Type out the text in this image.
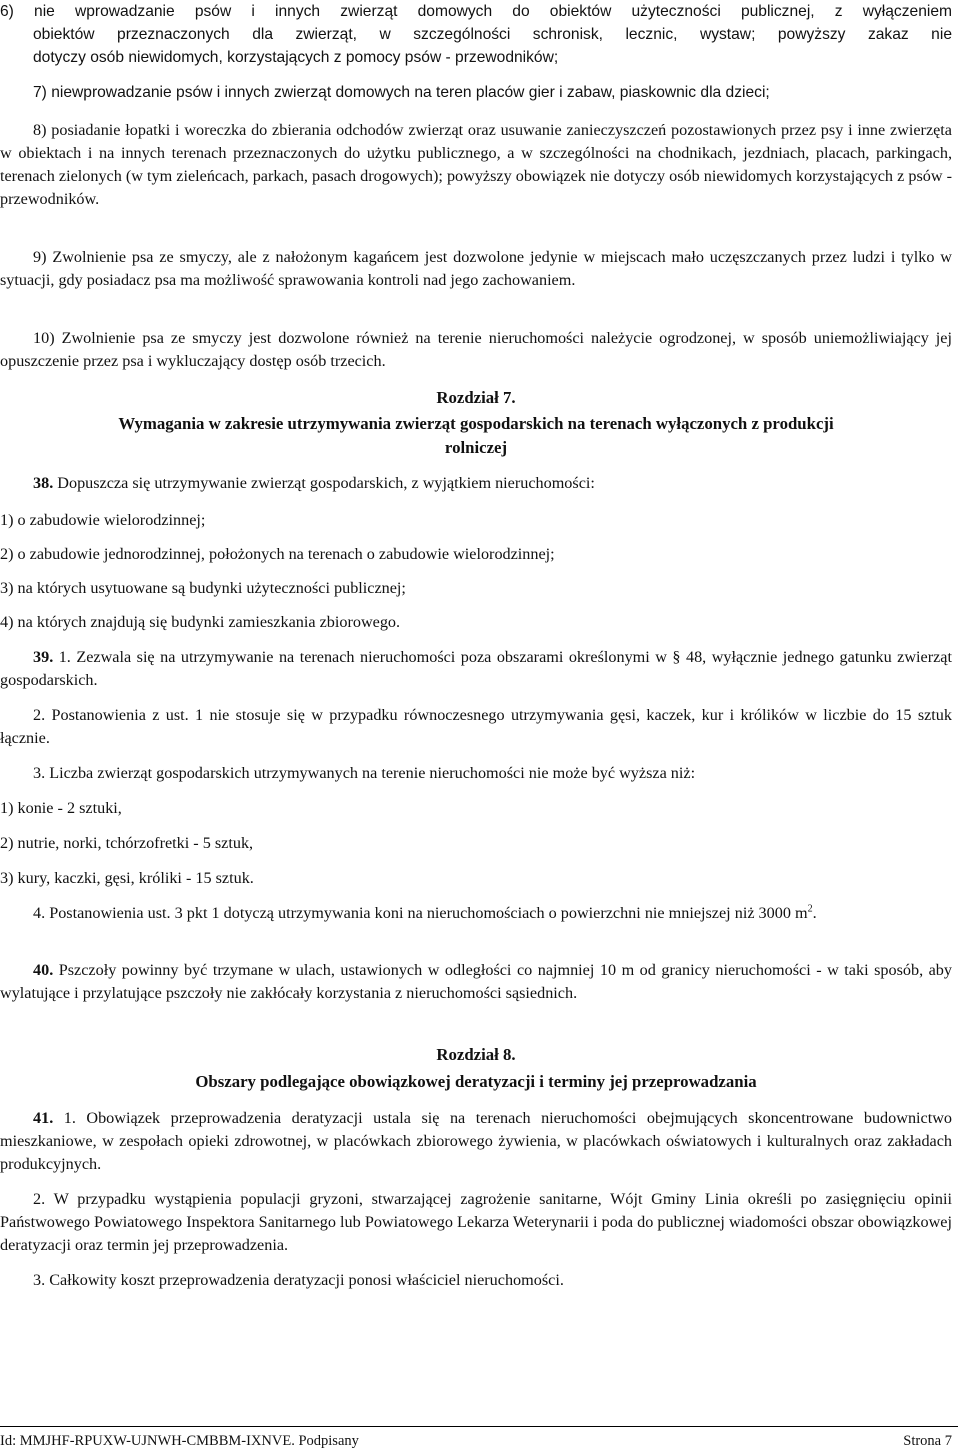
6) nie wprowadzanie psów i innych zwierząt domowych do obiektów użyteczności publicznej, z wyłączeniem

obiektów przeznaczonych dla zwierząt, w szczególności schronisk, lecznic, wystaw; powyższy zakaz nie

dotyczy osób niewidomych, korzystających z pomocy psów - przewodników;

7) niewprowadzanie psów i innych zwierząt domowych na teren placów gier i zabaw, piaskownic dla dzieci;

8) posiadanie łopatki i woreczka do zbierania odchodów zwierząt oraz usuwanie zanieczyszczeń pozostawionych przez psy i inne zwierzęta w obiektach i na innych terenach przeznaczonych do użytku publicznego, a w szczególności na chodnikach, jezdniach, placach, parkingach, terenach zielonych (w tym zieleńcach, parkach, pasach drogowych); powyższy obowiązek nie dotyczy osób niewidomych korzystających z psów - przewodników.

9) Zwolnienie psa ze smyczy, ale z nałożonym kagańcem jest dozwolone jedynie w miejscach mało uczęszczanych przez ludzi i tylko w sytuacji, gdy posiadacz psa ma możliwość sprawowania kontroli nad jego zachowaniem.

10) Zwolnienie psa ze smyczy jest dozwolone również na terenie nieruchomości należycie ogrodzonej, w sposób uniemożliwiający jej opuszczenie przez psa i wykluczający dostęp osób trzecich.

Rozdział 7.

Wymagania w zakresie utrzymywania zwierząt gospodarskich na terenach wyłączonych z produkcji

rolniczej

38. Dopuszcza się utrzymywanie zwierząt gospodarskich, z wyjątkiem nieruchomości:

1) o zabudowie wielorodzinnej;

2) o zabudowie jednorodzinnej, położonych na terenach o zabudowie wielorodzinnej;

3) na których usytuowane są budynki użyteczności publicznej;

4) na których znajdują się budynki zamieszkania zbiorowego.

39. 1. Zezwala się na utrzymywanie na terenach nieruchomości poza obszarami określonymi w § 48, wyłącznie jednego gatunku zwierząt gospodarskich.

2. Postanowienia z ust. 1 nie stosuje się w przypadku równoczesnego utrzymywania gęsi, kaczek, kur i królików w liczbie do 15 sztuk łącznie.

3. Liczba zwierząt gospodarskich utrzymywanych na terenie nieruchomości nie może być wyższa niż:

1) konie - 2 sztuki,

2) nutrie, norki, tchórzofretki - 5 sztuk,

3) kury, kaczki, gęsi, króliki - 15 sztuk.

4. Postanowienia ust. 3 pkt 1 dotyczą utrzymywania koni na nieruchomościach o powierzchni nie mniejszej niż 3000 $m^2$.

40. Pszczoły powinny być trzymane w ulach, ustawionych w odległości co najmniej 10 m od granicy nieruchomości - w taki sposób, aby wylatujące i przylatujące pszczoły nie zakłócały korzystania z nieruchomości sąsiednich.

Rozdział 8.

Obszary podlegające obowiązkowej deratyzacji i terminy jej przeprowadzania

41. 1. Obowiązek przeprowadzenia deratyzacji ustala się na terenach nieruchomości obejmujących skoncentrowane budownictwo mieszkaniowe, w zespołach opieki zdrowotnej, w placówkach zbiorowego żywienia, w placówkach oświatowych i kulturalnych oraz zakładach produkcyjnych.

2. W przypadku wystąpienia populacji gryzoni, stwarzającej zagrożenie sanitarne, Wójt Gminy Linia określi po zasięgnięciu opinii Państwowego Powiatowego Inspektora Sanitarnego lub Powiatowego Lekarza Weterynarii i poda do publicznej wiadomości obszar obowiązkowej deratyzacji oraz termin jej przeprowadzenia.

3. Całkowity koszt przeprowadzenia deratyzacji ponosi właściciel nieruchomości.

Id: MMJHF-RPUXW-UJNWH-CMBBM-IXNVE. Podpisany	Strona 7
